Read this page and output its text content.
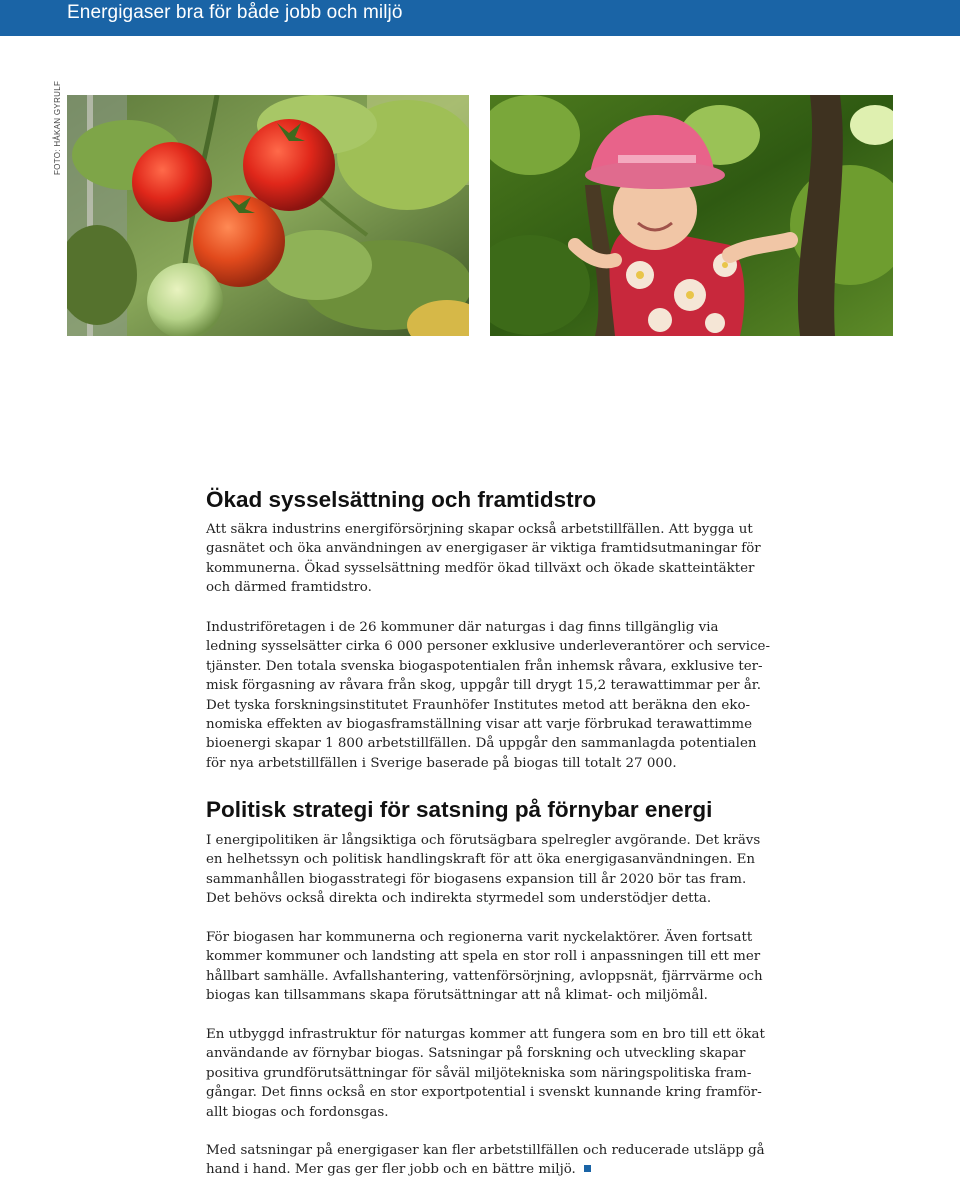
Energigaser bra för både jobb och miljö
FOTO: HÅKAN GYRULF
Ökad sysselsättning och framtidstro
Att säkra industrins energiförsörjning skapar också arbetstillfällen. Att bygga ut
gasnätet och öka användningen av energigaser är viktiga framtidsutmaningar för
kommunerna. Ökad sysselsättning medför ökad tillväxt och ökade skatteintäkter
och därmed framtidstro.
Industriföretagen i de 26 kommuner där naturgas i dag finns tillgänglig via
ledning sysselsätter cirka 6 000 personer exklusive underleverantörer och service-
tjänster. Den totala svenska biogaspotentialen från inhemsk råvara, exklusive ter-
misk förgasning av råvara från skog, uppgår till drygt 15,2 terawattimmar per år.
Det tyska forskningsinstitutet Fraunhöfer Institutes metod att beräkna den eko-
nomiska effekten av biogasframställning visar att varje förbrukad terawattimme
bioenergi skapar 1 800 arbetstillfällen. Då uppgår den sammanlagda potentialen
för nya arbetstillfällen i Sverige baserade på biogas till totalt 27 000.
Politisk strategi för satsning på förnybar energi
I energipolitiken är långsiktiga och förutsägbara spelregler avgörande. Det krävs
en helhetssyn och politisk handlingskraft för att öka energigasanvändningen. En
sammanhållen biogasstrategi för biogasens expansion till år 2020 bör tas fram.
Det behövs också direkta och indirekta styrmedel som understödjer detta.
För biogasen har kommunerna och regionerna varit nyckelaktörer. Även fortsatt
kommer kommuner och landsting att spela en stor roll i anpassningen till ett mer
hållbart samhälle. Avfallshantering, vattenförsörjning, avloppsnät, fjärrvärme och
biogas kan tillsammans skapa förutsättningar att nå klimat- och miljömål.
En utbyggd infrastruktur för naturgas kommer att fungera som en bro till ett ökat
användande av förnybar biogas. Satsningar på forskning och utveckling skapar
positiva grundförutsättningar för såväl miljötekniska som näringspolitiska fram-
gångar. Det finns också en stor exportpotential i svenskt kunnande kring framför-
allt biogas och fordonsgas.
Med satsningar på energigaser kan fler arbetstillfällen och reducerade utsläpp gå
hand i hand. Mer gas ger fler jobb och en bättre miljö.
